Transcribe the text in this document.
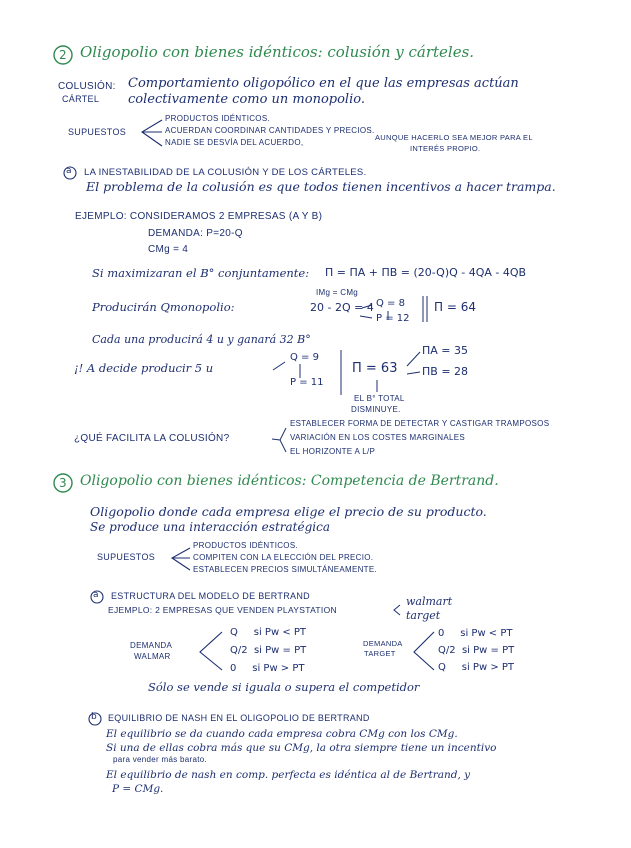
2 Oligopolio con bienes idénticos: colusión y cárteles.
COLUSIÓN:
CÁRTEL
Comportamiento oligopólico en el que las empresas actúan
colectivamente como un monopolio.
SUPUESTOS
PRODUCTOS IDÉNTICOS.
ACUERDAN COORDINAR CANTIDADES Y PRECIOS.
NADIE SE DESVÍA DEL ACUERDO,
AUNQUE HACERLO SEA MEJOR PARA EL
INTERÉS PROPIO.
a LA INESTABILIDAD DE LA COLUSIÓN Y DE LOS CÁRTELES.
El problema de la colusión es que todos tienen incentivos a hacer trampa.
EJEMPLO: CONSIDERAMOS 2 EMPRESAS (A Y B)
DEMANDA: P=20-Q
CMg = 4
Si maximizaran el B° conjuntamente: Π = ΠA + ΠB = (20-Q)Q - 4QA - 4QB
IMg = CMg
Producirán Qmonopolio:	20 - 2Q = 4 Q = 8
P = 12
Π = 64
Cada una producirá 4 u y ganará 32 B°
¡! A decide producir 5 u
Q = 9
P = 11
Π = 63
ΠA = 35
ΠB = 28
EL B° TOTAL
DISMINUYE.
¿QUÉ FACILITA LA COLUSIÓN?
ESTABLECER FORMA DE DETECTAR Y CASTIGAR TRAMPOSOS
VARIACIÓN EN LOS COSTES MARGINALES
EL HORIZONTE A L/P
3 Oligopolio con bienes idénticos: Competencia de Bertrand.
Oligopolio donde cada empresa elige el precio de su producto.
Se produce una interacción estratégica
SUPUESTOS
PRODUCTOS IDÉNTICOS.
COMPITEN CON LA ELECCIÓN DEL PRECIO.
ESTABLECEN PRECIOS SIMULTÁNEAMENTE.
a ESTRUCTURA DEL MODELO DE BERTRAND
EJEMPLO: 2 EMPRESAS QUE VENDEN PLAYSTATION
walmart
target
DEMANDA
WALMAR
Q     si Pw < PT
Q/2  si Pw = PT
0     si Pw > PT
DEMANDA
TARGET
0     si Pw < PT
Q/2  si Pw = PT
Q     si Pw > PT
Sólo se vende si iguala o supera el competidor
b EQUILIBRIO DE NASH EN EL OLIGOPOLIO DE BERTRAND
El equilibrio se da cuando cada empresa cobra CMg con los CMg.
Si una de ellas cobra más que su CMg, la otra siempre tiene un incentivo
para vender más barato.
El equilibrio de nash en comp. perfecta es idéntica al de Bertrand, y
P = CMg.
